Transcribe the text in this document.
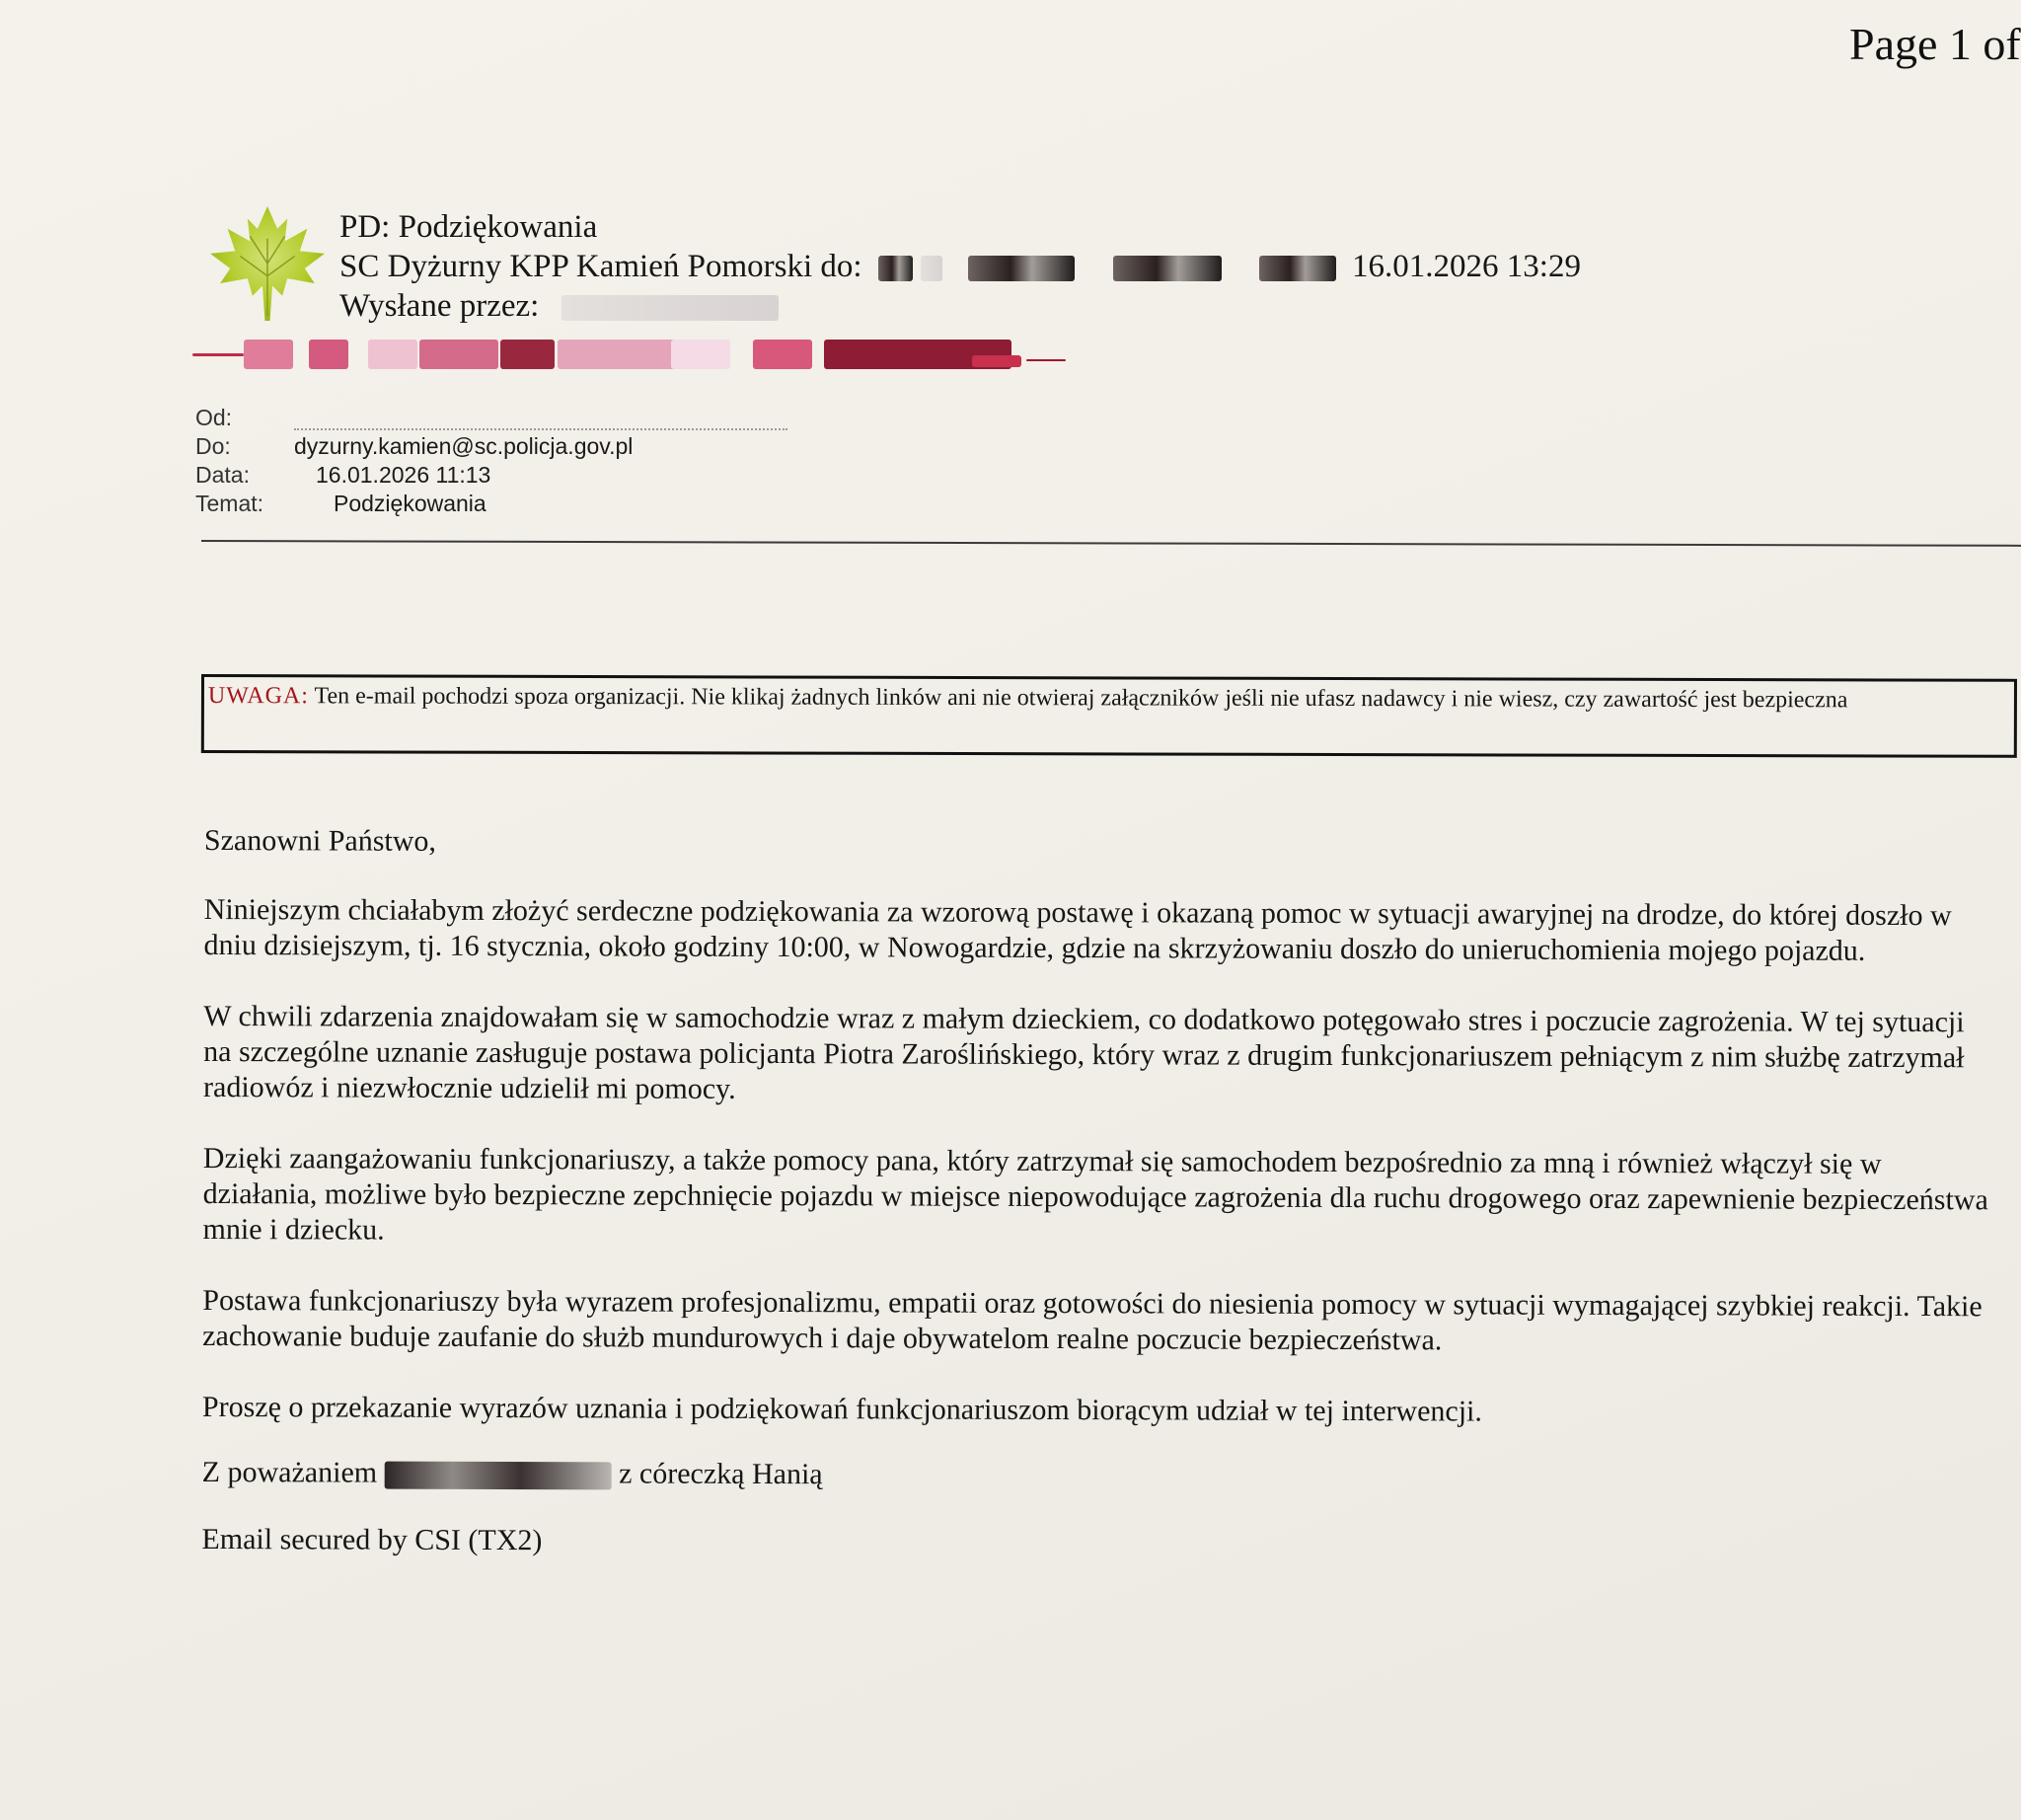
Page 1 of
PD: Podziękowania
SC Dyżurny KPP Kamień Pomorski do:	16.01.2026 13:29
Wysłane przez:
Od:
Do:	dyzurny.kamien@sc.policja.gov.pl
Data:	16.01.2026 11:13
Temat:	Podziękowania
UWAGA: Ten e-mail pochodzi spoza organizacji. Nie klikaj żadnych linków ani nie otwieraj załączników jeśli nie ufasz nadawcy i nie wiesz, czy zawartość jest bezpieczna
Szanowni Państwo,

Niniejszym chciałabym złożyć serdeczne podziękowania za wzorową postawę i okazaną pomoc w sytuacji awaryjnej na drodze, do której doszło w dniu dzisiejszym, tj. 16 stycznia, około godziny 10:00, w Nowogardzie, gdzie na skrzyżowaniu doszło do unieruchomienia mojego pojazdu.

W chwili zdarzenia znajdowałam się w samochodzie wraz z małym dzieckiem, co dodatkowo potęgowało stres i poczucie zagrożenia. W tej sytuacji na szczególne uznanie zasługuje postawa policjanta Piotra Zaroślińskiego, który wraz z drugim funkcjonariuszem pełniącym z nim służbę zatrzymał radiowóz i niezwłocznie udzielił mi pomocy.

Dzięki zaangażowaniu funkcjonariuszy, a także pomocy pana, który zatrzymał się samochodem bezpośrednio za mną i również włączył się w działania, możliwe było bezpieczne zepchnięcie pojazdu w miejsce niepowodujące zagrożenia dla ruchu drogowego oraz zapewnienie bezpieczeństwa mnie i dziecku.

Postawa funkcjonariuszy była wyrazem profesjonalizmu, empatii oraz gotowości do niesienia pomocy w sytuacji wymagającej szybkiej reakcji. Takie zachowanie buduje zaufanie do służb mundurowych i daje obywatelom realne poczucie bezpieczeństwa.

Proszę o przekazanie wyrazów uznania i podziękowań funkcjonariuszom biorącym udział w tej interwencji.

Z poważaniem	z córeczką Hanią

Email secured by CSI (TX2)
